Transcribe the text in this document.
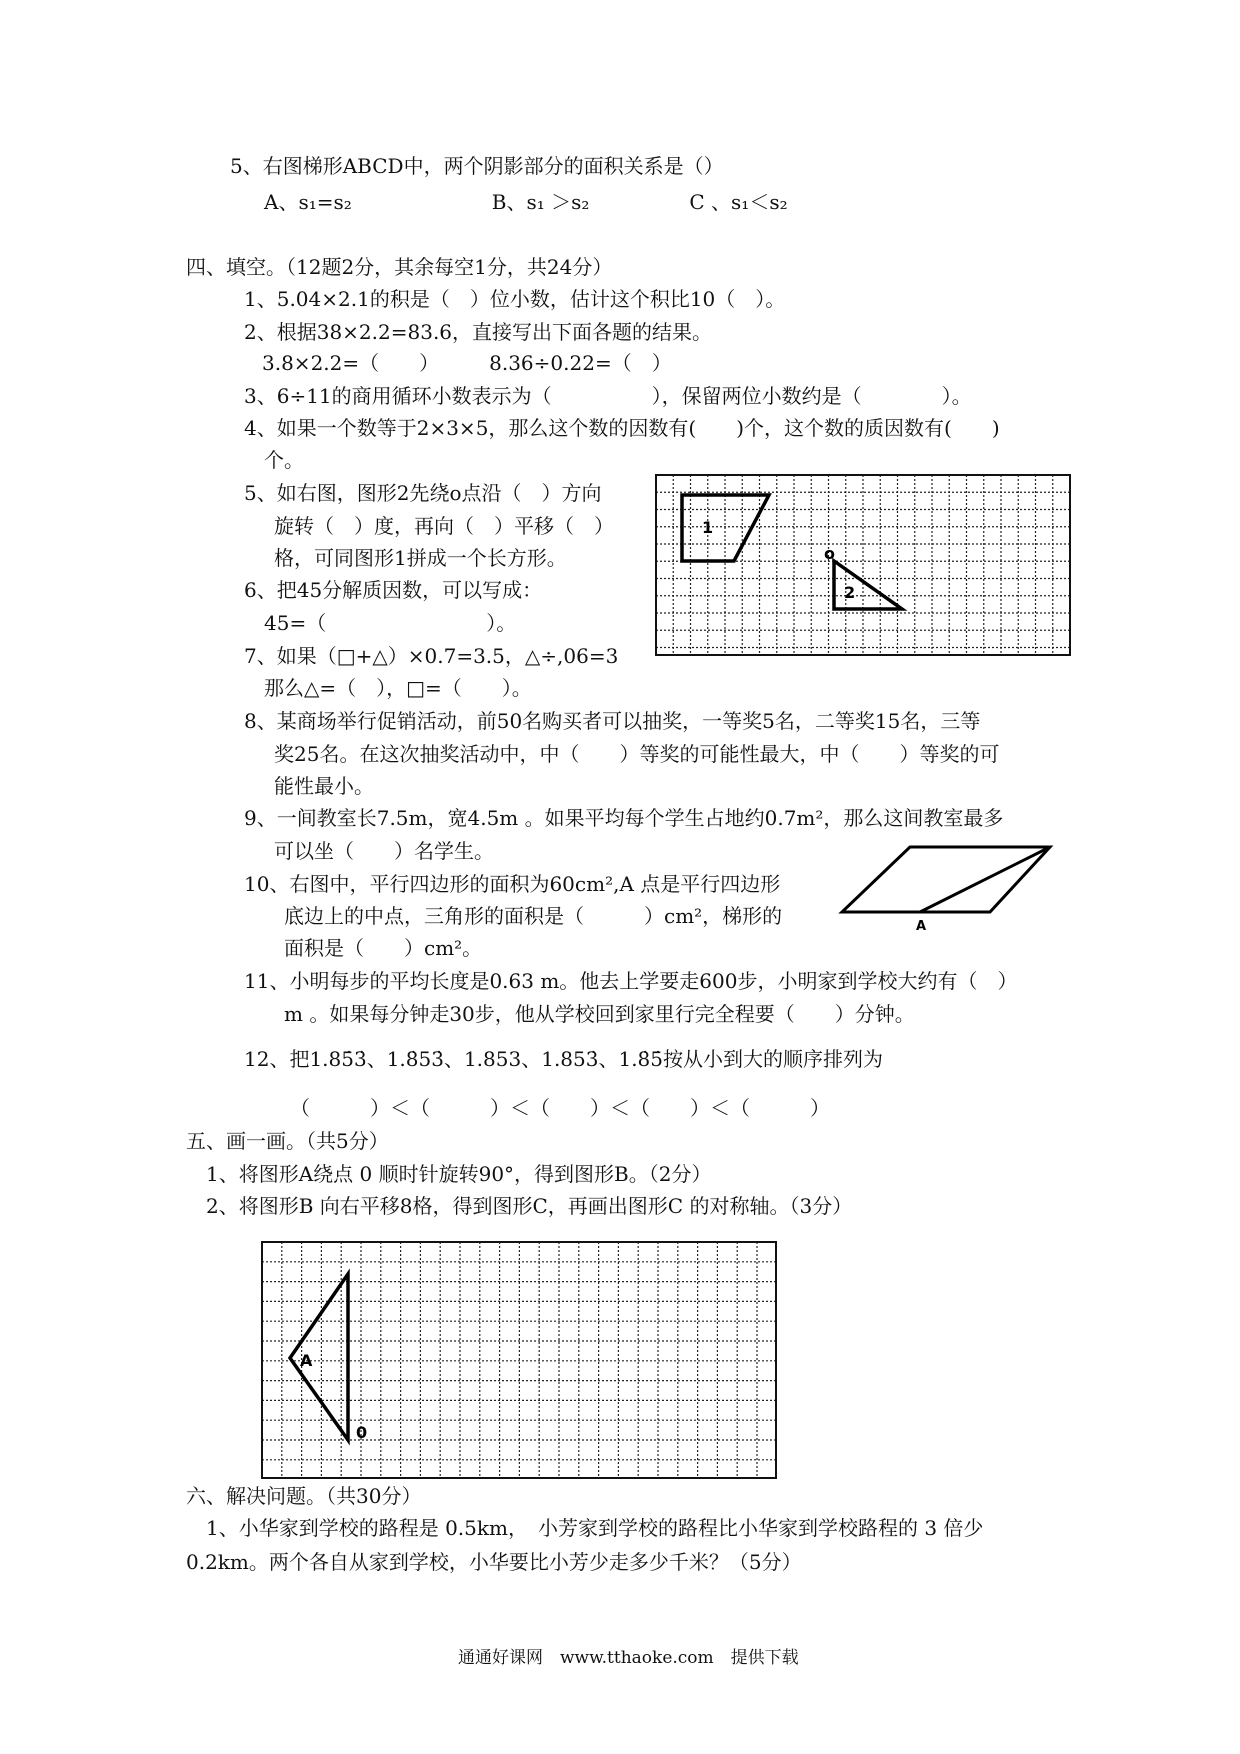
5、右图梯形ABCD中，两个阴影部分的面积关系是（）
A、s₁=s₂　　　　　　　B、s₁ ＞s₂　　　　　C 、s₁＜s₂
四、填空。（12题2分，其余每空1分，共24分）
1、5.04×2.1的积是（　）位小数，估计这个积比10（　）。
2、根据38×2.2=83.6，直接写出下面各题的结果。
3.8×2.2=（　　）　　　8.36÷0.22=（　）
3、6÷11的商用循环小数表示为（　　　　　），保留两位小数约是（　　　　）。
4、如果一个数等于2×3×5，那么这个数的因数有(　　)个，这个数的质因数有(　　)
个。
5、如右图，图形2先绕o点沿（　）方向
旋转（　）度，再向（　）平移（　）
格，可同图形1拼成一个长方形。
6、把45分解质因数，可以写成：
45=（　　　　　　　　）。
7、如果（□+△）×0.7=3.5，△÷,06=3
那么△=（　），□=（　　）。
8、某商场举行促销活动，前50名购买者可以抽奖，一等奖5名，二等奖15名，三等
奖25名。在这次抽奖活动中，中（　　）等奖的可能性最大，中（　　）等奖的可
能性最小。
9、一间教室长7.5m，宽4.5m 。如果平均每个学生占地约0.7m²，那么这间教室最多
可以坐（　　）名学生。
10、右图中，平行四边形的面积为60cm²,A 点是平行四边形
底边上的中点，三角形的面积是（　　　）cm²，梯形的
面积是（　　）cm²。
11、小明每步的平均长度是0.63 m。他去上学要走600步，小明家到学校大约有（　）
m 。如果每分钟走30步，他从学校回到家里行完全程要（　　）分钟。
12、把1.85̇3̇、1.8̇53̇、1.853、1.853̇、1.8̇5̇按从小到大的顺序排列为
（　　　）＜（　　　）＜（　　）＜（　　）＜（　　　）
1
2
o
A
五、画一画。（共5分）
1、将图形A绕点 0 顺时针旋转90°，得到图形B。（2分）
2、将图形B 向右平移8格，得到图形C，再画出图形C 的对称轴。（3分）
A
0
六、解决问题。（共30分）
1、小华家到学校的路程是 0.5km，　小芳家到学校的路程比小华家到学校路程的 3 倍少
0.2km。两个各自从家到学校，小华要比小芳少走多少千米？（5分）
通通好课网　www.tthaoke.com　提供下载
